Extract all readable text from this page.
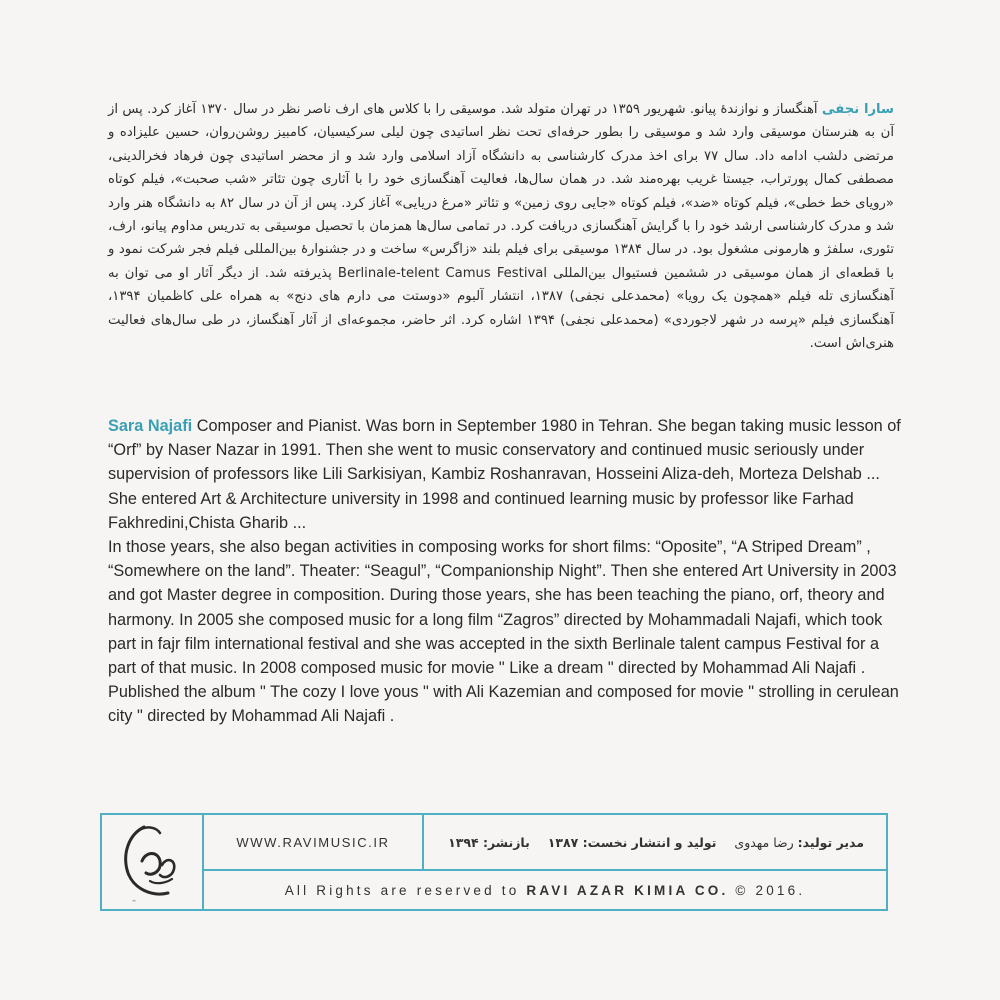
سارا نجفی آهنگساز و نوازندهٔ پیانو. شهریور ۱۳۵۹ در تهران متولد شد. موسیقی را با کلاس های ارف ناصر نظر در سال ۱۳۷۰ آغاز کرد. پس از آن به هنرستان موسیقی وارد شد و موسیقی را بطور حرفه‌ای تحت نظر اساتیدی چون لیلی سرکیسیان، کامبیز روشن‌روان، حسین علیزاده و مرتضی دلشب ادامه داد. سال ۷۷ برای اخذ مدرک کارشناسی به دانشگاه آزاد اسلامی وارد شد و از محضر اساتیدی چون فرهاد فخرالدینی، مصطفی کمال پورتراب، جیستا غریب بهره‌مند شد. در همان سال‌ها، فعالیت آهنگسازی خود را با آثاری چون تئاتر «شب صحبت»، فیلم کوتاه «رویای خط خطی»، فیلم کوتاه «ضد»، فیلم کوتاه «جایی روی زمین» و تئاتر «مرغ دریایی» آغاز کرد. پس از آن در سال ۸۲ به دانشگاه هنر وارد شد و مدرک کارشناسی ارشد خود را با گرایش آهنگسازی دریافت کرد. در تمامی سال‌ها همزمان با تحصیل موسیقی به تدریس مداوم پیانو، ارف، تئوری، سلفژ و هارمونی مشغول بود. در سال ۱۳۸۴ موسیقی برای فیلم بلند «زاگرس» ساخت و در جشنوارهٔ بین‌المللی فیلم فجر شرکت نمود و با قطعه‌ای از همان موسیقی در ششمین فستیوال بین‌المللی Berlinale-telent Camus Festival پذیرفته شد. از دیگر آثار او می توان به آهنگسازی تله فیلم «همچون یک رویا» (محمدعلی نجفی) ۱۳۸۷، انتشار آلبوم «دوستت می دارم های دنج» به همراه علی کاظمیان ۱۳۹۴، آهنگسازی فیلم «پرسه در شهر لاجوردی» (محمدعلی نجفی) ۱۳۹۴ اشاره کرد. اثر حاضر، مجموعه‌ای از آثار آهنگساز، در طی سال‌های فعالیت هنری‌اش است.

Sara Najafi Composer and Pianist. Was born in September 1980 in Tehran. She began taking music lesson of “Orf” by Naser Nazar in 1991. Then she went to music conservatory and continued music seriously under supervision of professors like Lili Sarkisiyan, Kambiz Roshanravan, Hosseini Aliza-deh, Morteza Delshab ...

She entered Art & Architecture university in 1998 and continued learning music by professor like Farhad Fakhredini,Chista Gharib ...

In those years, she also began activities in composing works for short films: “Oposite”, “A Striped Dream” , “Somewhere on the land”. Theater: “Seagul”, “Companionship Night”. Then she entered Art University in 2003 and got Master degree in composition. During those years, she has been teaching the piano, orf, theory and harmony. In 2005 she composed music for a long film “Zagros” directed by Mohammadali Najafi, which took part in fajr film international festival and she was accepted in the sixth Berlinale talent campus Festival for a part of that music. In 2008 composed music for movie " Like a dream " directed by Mohammad Ali Najafi . Published the album " The cozy I love yous " with Ali Kazemian and composed for movie " strolling in cerulean city " directed by Mohammad Ali Najafi .

راوی
WWW.RAVIMUSIC.IR	مدیر تولید: رضا مهدوی
تولید و انتشار نخست: ۱۳۸۷
بازنشر: ۱۳۹۴
All Rights are reserved to
RAVI AZAR KIMIA CO.
© 2016.
